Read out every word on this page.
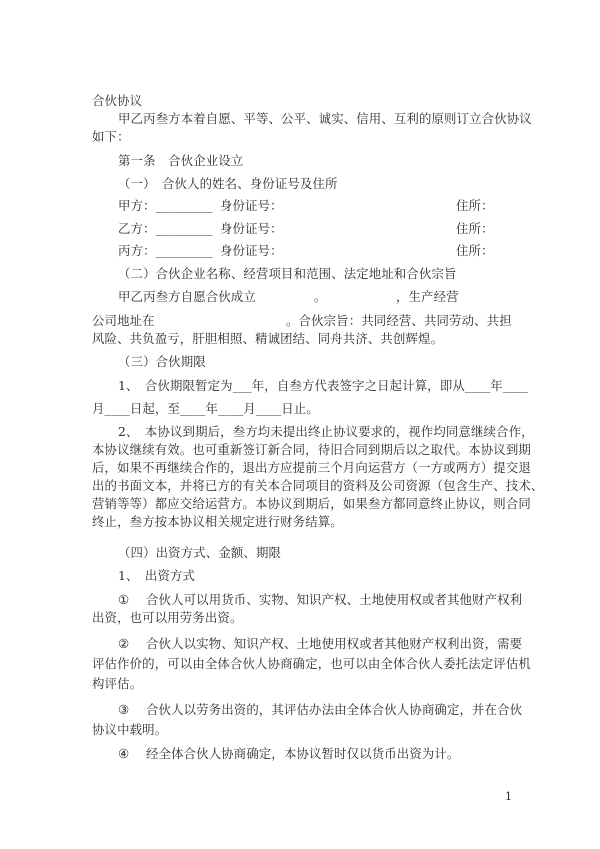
合伙协议
甲乙丙叁方本着自愿、平等、公平、诚实、信用、互利的原则订立合伙协议
如下：
第一条　合伙企业设立
（一）　合伙人的姓名、身份证号及住所
甲方：_________ 身份证号：	住所：
乙方：_________ 身份证号：	住所：
丙方：_________ 身份证号：	住所：
（二）合伙企业名称、经营项目和范围、法定地址和合伙宗旨
甲乙丙叁方自愿合伙成立	。	，生产经营
公司地址在	。合伙宗旨：共同经营、共同劳动、共担
风险、共负盈亏，肝胆相照、精诚团结、同舟共济、共创辉煌。
（三）合伙期限
1、　合伙期限暂定为___年，自叁方代表签字之日起计算，即从____年____
月____日起，至____年____月____日止。
2、　本协议到期后，叁方均未提出终止协议要求的，视作均同意继续合作，
本协议继续有效。也可重新签订新合同，待旧合同到期后以之取代。本协议到期
后，如果不再继续合作的，退出方应提前三个月向运营方（一方或两方）提交退
出的书面文本，并将已方的有关本合同项目的资料及公司资源（包含生产、技术、
营销等等）都应交给运营方。本协议到期后，如果叁方都同意终止协议，则合同
终止，叁方按本协议相关规定进行财务结算。
（四）出资方式、金额、期限
1、　出资方式
① 合伙人可以用货币、实物、知识产权、土地使用权或者其他财产权利
出资，也可以用劳务出资。
② 合伙人以实物、知识产权、土地使用权或者其他财产权利出资，需要
评估作价的，可以由全体合伙人协商确定，也可以由全体合伙人委托法定评估机
构评估。
③ 合伙人以劳务出资的，其评估办法由全体合伙人协商确定，并在合伙
协议中载明。
④ 经全体合伙人协商确定，本协议暂时仅以货币出资为计。
1
